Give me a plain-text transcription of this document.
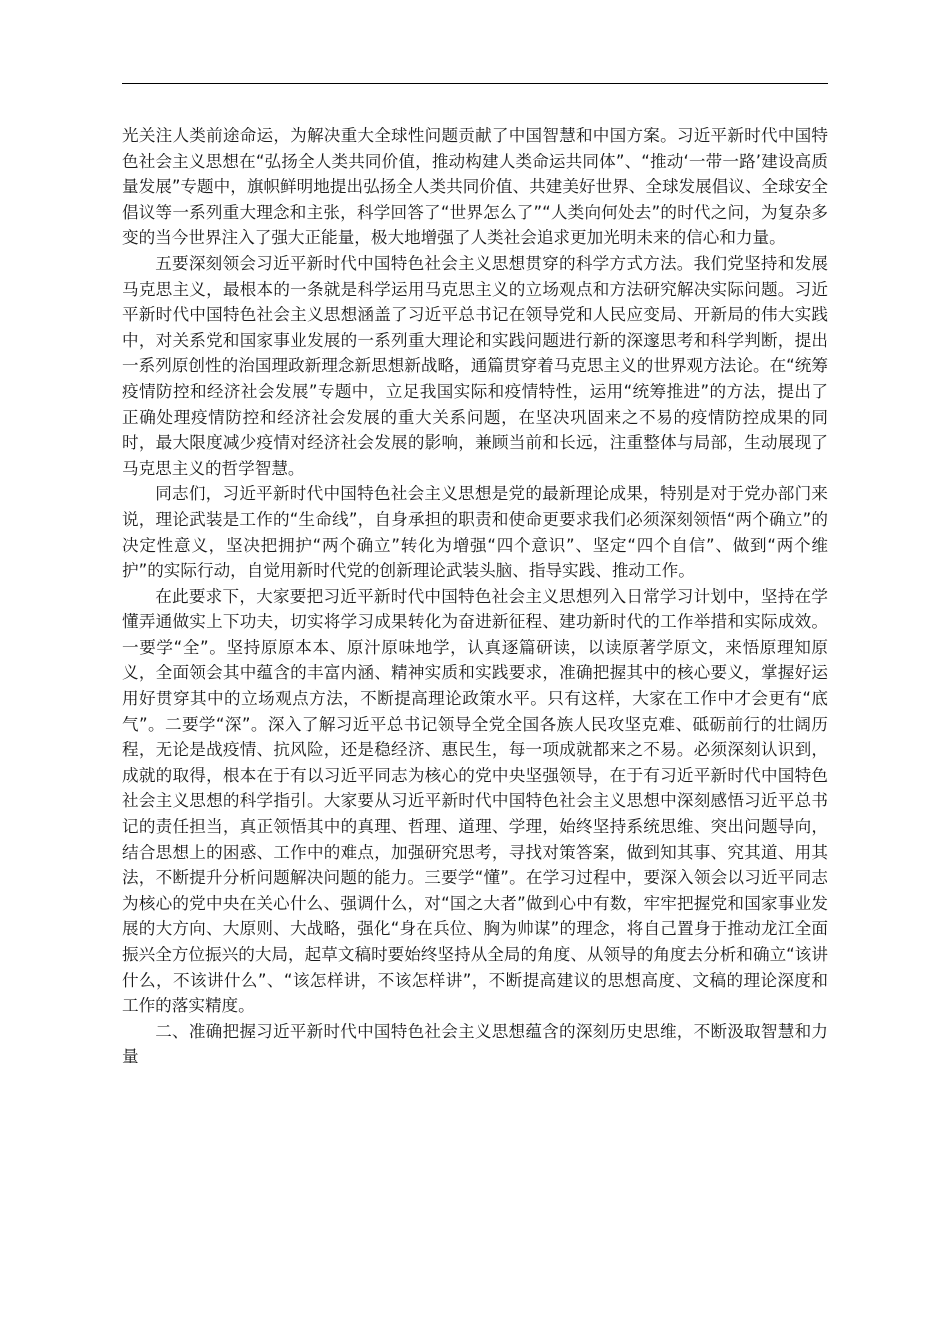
光关注人类前途命运，为解决重大全球性问题贡献了中国智慧和中国方案。习近平新时代中国特色社会主义思想在“弘扬全人类共同价值，推动构建人类命运共同体”、“推动‘一带一路’建设高质量发展”专题中，旗帜鲜明地提出弘扬全人类共同价值、共建美好世界、全球发展倡议、全球安全倡议等一系列重大理念和主张，科学回答了“世界怎么了”“人类向何处去”的时代之问，为复杂多变的当今世界注入了强大正能量，极大地增强了人类社会追求更加光明未来的信心和力量。

五要深刻领会习近平新时代中国特色社会主义思想贯穿的科学方式方法。我们党坚持和发展马克思主义，最根本的一条就是科学运用马克思主义的立场观点和方法研究解决实际问题。习近平新时代中国特色社会主义思想涵盖了习近平总书记在领导党和人民应变局、开新局的伟大实践中，对关系党和国家事业发展的一系列重大理论和实践问题进行新的深邃思考和科学判断，提出一系列原创性的治国理政新理念新思想新战略，通篇贯穿着马克思主义的世界观方法论。在“统筹疫情防控和经济社会发展”专题中，立足我国实际和疫情特性，运用“统筹推进”的方法，提出了正确处理疫情防控和经济社会发展的重大关系问题，在坚决巩固来之不易的疫情防控成果的同时，最大限度减少疫情对经济社会发展的影响，兼顾当前和长远，注重整体与局部，生动展现了马克思主义的哲学智慧。

同志们，习近平新时代中国特色社会主义思想是党的最新理论成果，特别是对于党办部门来说，理论武装是工作的“生命线”，自身承担的职责和使命更要求我们必须深刻领悟“两个确立”的决定性意义，坚决把拥护“两个确立”转化为增强“四个意识”、坚定“四个自信”、做到“两个维护”的实际行动，自觉用新时代党的创新理论武装头脑、指导实践、推动工作。

在此要求下，大家要把习近平新时代中国特色社会主义思想列入日常学习计划中，坚持在学懂弄通做实上下功夫，切实将学习成果转化为奋进新征程、建功新时代的工作举措和实际成效。一要学“全”。坚持原原本本、原汁原味地学，认真逐篇研读，以读原著学原文，来悟原理知原义，全面领会其中蕴含的丰富内涵、精神实质和实践要求，准确把握其中的核心要义，掌握好运用好贯穿其中的立场观点方法，不断提高理论政策水平。只有这样，大家在工作中才会更有“底气”。二要学“深”。深入了解习近平总书记领导全党全国各族人民攻坚克难、砥砺前行的壮阔历程，无论是战疫情、抗风险，还是稳经济、惠民生，每一项成就都来之不易。必须深刻认识到，成就的取得，根本在于有以习近平同志为核心的党中央坚强领导，在于有习近平新时代中国特色社会主义思想的科学指引。大家要从习近平新时代中国特色社会主义思想中深刻感悟习近平总书记的责任担当，真正领悟其中的真理、哲理、道理、学理，始终坚持系统思维、突出问题导向，结合思想上的困惑、工作中的难点，加强研究思考，寻找对策答案，做到知其事、究其道、用其法，不断提升分析问题解决问题的能力。三要学“懂”。在学习过程中，要深入领会以习近平同志为核心的党中央在关心什么、强调什么，对“国之大者”做到心中有数，牢牢把握党和国家事业发展的大方向、大原则、大战略，强化“身在兵位、胸为帅谋”的理念，将自己置身于推动龙江全面振兴全方位振兴的大局，起草文稿时要始终坚持从全局的角度、从领导的角度去分析和确立“该讲什么，不该讲什么”、“该怎样讲，不该怎样讲”，不断提高建议的思想高度、文稿的理论深度和工作的落实精度。

二、准确把握习近平新时代中国特色社会主义思想蕴含的深刻历史思维，不断汲取智慧和力量
